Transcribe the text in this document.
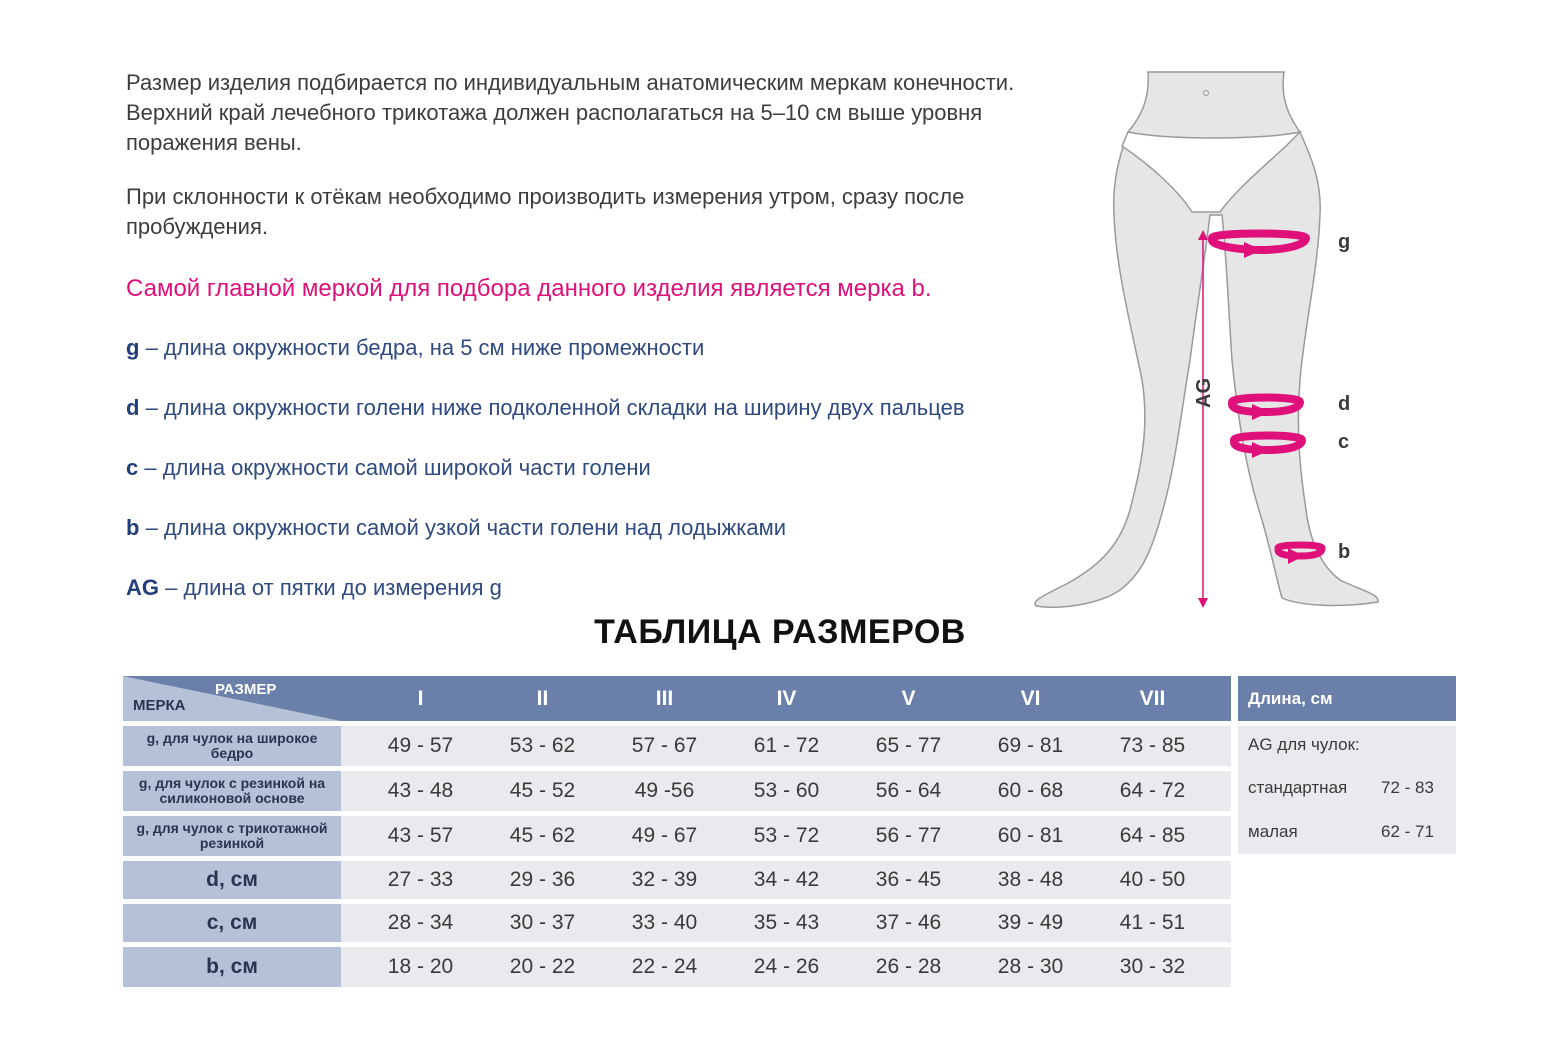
Размер изделия подбирается по индивидуальным анатомическим меркам конечности. Верхний край лечебного трикотажа должен располагаться на 5–10 см выше уровня поражения вены.

При склонности к отёкам необходимо производить измерения утром, сразу после пробуждения.

Самой главной меркой для подбора данного изделия является мерка b.

g – длина окружности бедра, на 5 см ниже промежности

d – длина окружности голени ниже подколенной складки на ширину двух пальцев

c – длина окружности самой широкой части голени

b – длина окружности самой узкой части голени над лодыжками

AG – длина от пятки до измерения g

AG
g
d
c
b
ТАБЛИЦА РАЗМЕРОВ
РАЗМЕР
МЕРКА	I	II	III	IV	V	VI	VII
g, для чулок на широкое бедро	49 - 57	53 - 62	57 - 67	61 - 72	65 - 77	69 - 81	73 - 85
g, для чулок с резинкой на силиконовой основе	43 - 48	45 - 52	49 -56	53 - 60	56 - 64	60 - 68	64 - 72
g, для чулок с трикотажной резинкой	43 - 57	45 - 62	49 - 67	53 - 72	56 - 77	60 - 81	64 - 85
d, см	27 - 33	29 - 36	32 - 39	34 - 42	36 - 45	38 - 48	40 - 50
c, см	28 - 34	30 - 37	33 - 40	35 - 43	37 - 46	39 - 49	41 - 51
b, см	18 - 20	20 - 22	22 - 24	24 - 26	26 - 28	28 - 30	30 - 32
Длина, см
AG для чулок:
стандартная 72 - 83
малая	62 - 71
